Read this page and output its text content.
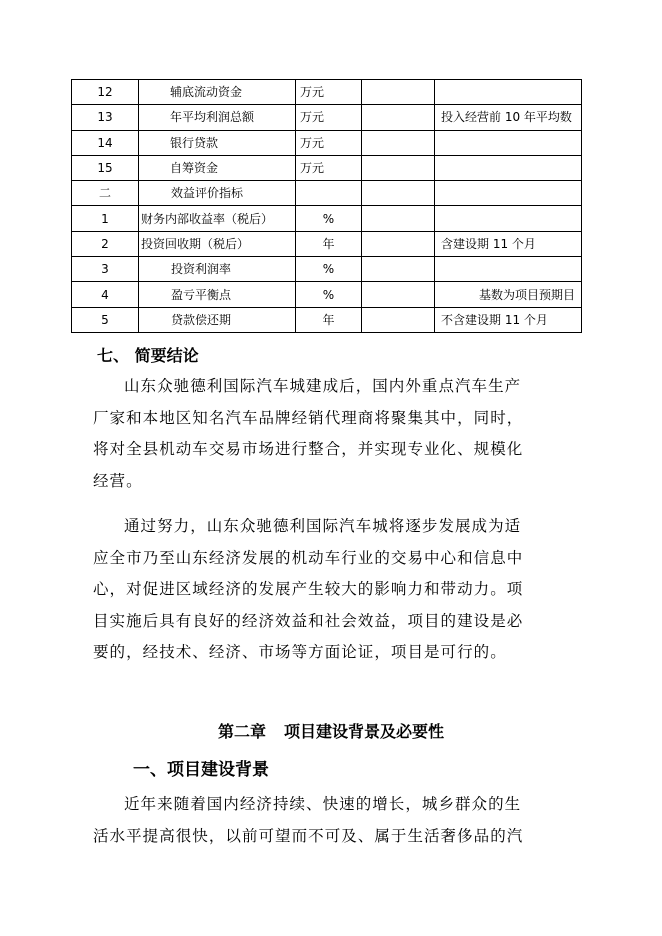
12	辅底流动资金	万元		
13	年平均利润总额	万元		投入经营前 10 年平均数
14	银行贷款	万元		
15	自筹资金	万元		
二	效益评价指标			
1	财务内部收益率（税后）	%		
2	投资回收期（税后）	年		含建设期 11 个月
3	投资利润率	%		
4	盈亏平衡点	%		基数为项目预期目
5	贷款偿还期	年		不含建设期 11 个月
七、 简要结论
山东众驰德利国际汽车城建成后，国内外重点汽车生产
厂家和本地区知名汽车品牌经销代理商将聚集其中，同时，
将对全县机动车交易市场进行整合，并实现专业化、规模化
经营。
通过努力，山东众驰德利国际汽车城将逐步发展成为适
应全市乃至山东经济发展的机动车行业的交易中心和信息中
心，对促进区域经济的发展产生较大的影响力和带动力。项
目实施后具有良好的经济效益和社会效益，项目的建设是必
要的，经技术、经济、市场等方面论证，项目是可行的。
第二章 项目建设背景及必要性
一、项目建设背景
近年来随着国内经济持续、快速的增长，城乡群众的生
活水平提高很快，以前可望而不可及、属于生活奢侈品的汽
